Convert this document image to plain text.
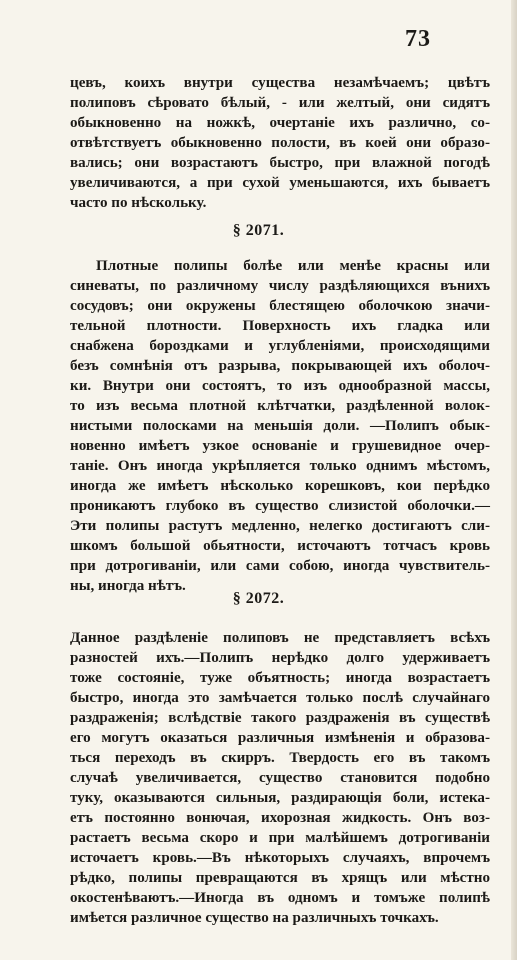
73
цевъ, коихъ внутри существа незамѣчаемъ; цвѣтъ
полиповъ сѣровато бѣлый, - или желтый, они сидятъ
обыкновенно на ножкѣ, очертаніе ихъ различно, со-
отвѣтствуетъ обыкновенно полости, въ коей они образо-
вались; они возрастаютъ быстро, при влажной погодѣ
увеличиваются, а при сухой уменьшаются, ихъ бываетъ
часто по нѣскольку.
§ 2071.
Плотные полипы болѣе или менѣе красны или
синеваты, по различному числу раздѣляющихся вънихъ
сосудовъ; они окружены блестящею оболочкою значи-
тельной плотности. Поверхность ихъ гладка или
снабжена бороздками и углубленіями, происходящими
безъ сомнѣнія отъ разрыва, покрывающей ихъ оболоч-
ки. Внутри они состоятъ, то изъ однообразной массы,
то изъ весьма плотной клѣтчатки, раздѣленной волок-
нистыми полосками на меньшія доли. —Полипъ обык-
новенно имѣетъ узкое основаніе и грушевидное очер-
таніе. Онъ иногда укрѣпляется только однимъ мѣстомъ,
иногда же имѣетъ нѣсколько корешковъ, кои перѣдко
проникаютъ глубоко въ существо слизистой оболочки.—
Эти полипы растутъ медленно, нелегко достигаютъ сли-
шкомъ большой обьятности, источаютъ тотчасъ кровь
при дотрогиваніи, или сами собою, иногда чувствитель-
ны, иногда нѣтъ.
§ 2072.
Данное раздѣленіе полиповъ не представляетъ всѣхъ
разностей ихъ.—Полипъ нерѣдко долго удерживаетъ
тоже состояніе, туже объятность; иногда возрастаетъ
быстро, иногда это замѣчается только послѣ случайнаго
раздраженія; вслѣдствіе такого раздраженія въ существѣ
его могутъ оказаться различныя измѣненія и образова-
ться переходъ въ скирръ. Твердость его въ такомъ
случаѣ увеличивается, существо становится подобно
туку, оказываются сильныя, раздирающія боли, истека-
етъ постоянно вонючая, ихорозная жидкость. Онъ воз-
растаетъ весьма скоро и при малѣйшемъ дотрогиваніи
источаетъ кровь.—Въ нѣкоторыхъ случаяхъ, впрочемъ
рѣдко, полипы превращаются въ хрящъ или мѣстно
окостенѣваютъ.—Иногда въ одномъ и томъже полипѣ
имѣется различное существо на различныхъ точкахъ.
